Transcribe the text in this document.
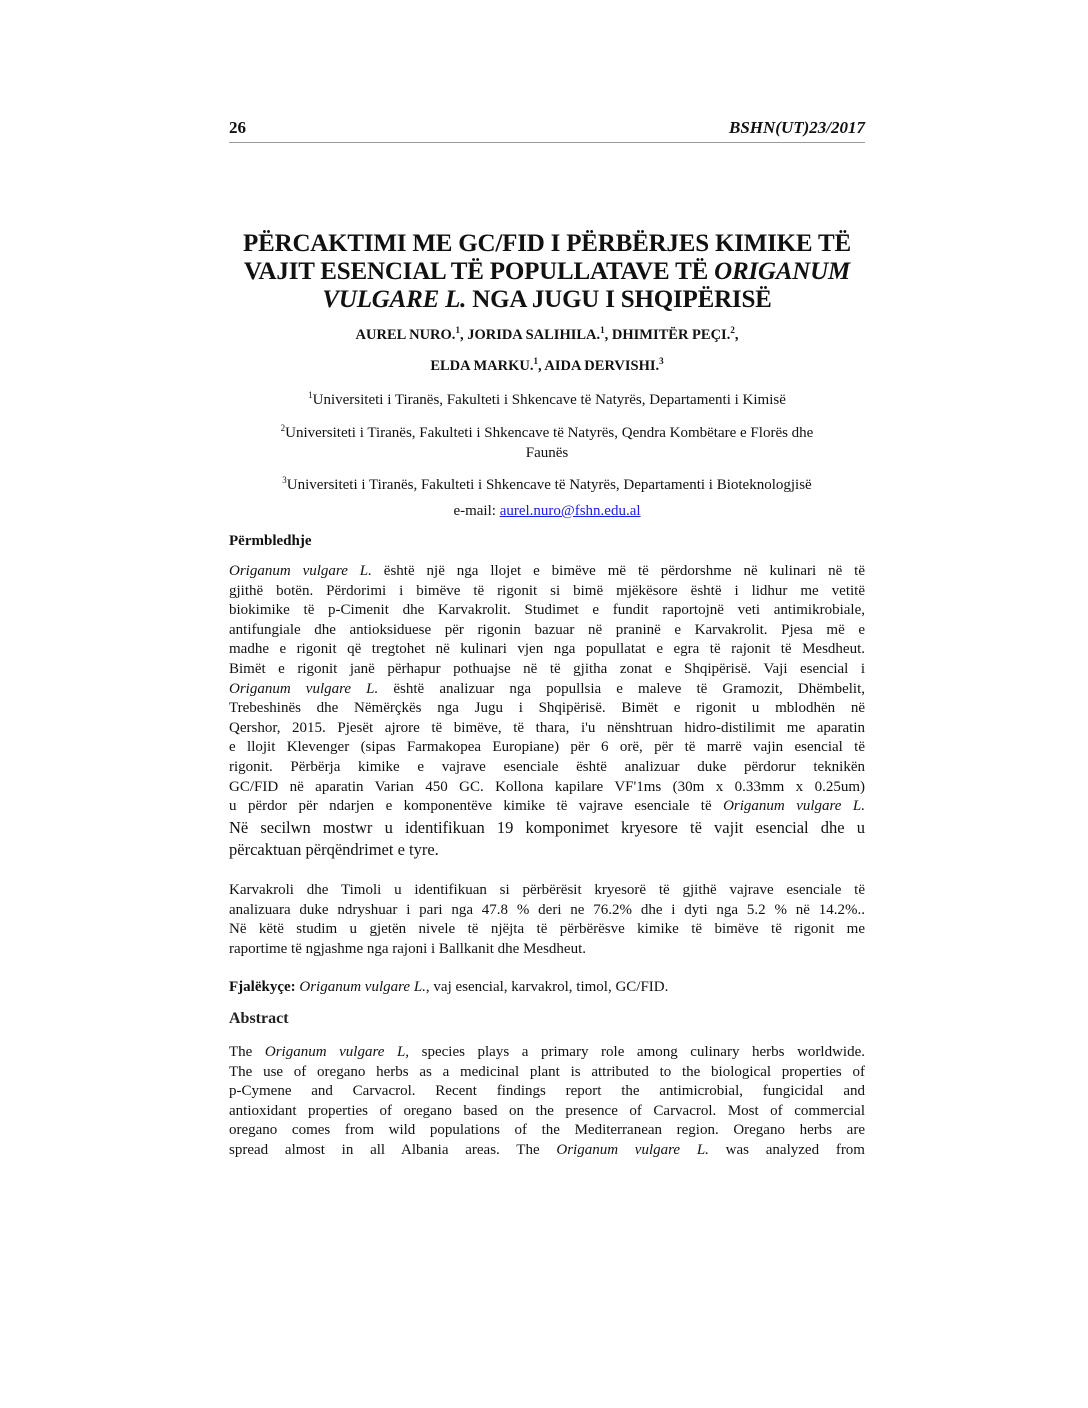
26	BSHN(UT)23/2017
PËRCAKTIMI ME GC/FID I PËRBËRJES KIMIKE TË
VAJIT ESENCIAL TË POPULLATAVE TË ORIGANUM
VULGARE L. NGA JUGU I SHQIPËRISË
AUREL NURO.$^1$, JORIDA SALIHILA.$^1$, DHIMITËR PEÇI.$^2$,
ELDA MARKU.$^1$, AIDA DERVISHI.$^3$
$^1$Universiteti i Tiranës, Fakulteti i Shkencave të Natyrës, Departamenti i Kimisë
$^2$Universiteti i Tiranës, Fakulteti i Shkencave të Natyrës, Qendra Kombëtare e Florës dhe
Faunës
$^3$Universiteti i Tiranës, Fakulteti i Shkencave të Natyrës, Departamenti i Bioteknologjisë
e-mail: aurel.nuro@fshn.edu.al
Përmbledhje
Origanum vulgare L. është një nga llojet e bimëve më të përdorshme në kulinari në të
gjithë botën. Përdorimi i bimëve të rigonit si bimë mjëkësore është i lidhur me vetitë
biokimike të p-Cimenit dhe Karvakrolit. Studimet e fundit raportojnë veti antimikrobiale,
antifungiale dhe antioksiduese për rigonin bazuar në praninë e Karvakrolit. Pjesa më e
madhe e rigonit që tregtohet në kulinari vjen nga popullatat e egra të rajonit të Mesdheut.
Bimët e rigonit janë përhapur pothuajse në të gjitha zonat e Shqipërisë. Vaji esencial i
Origanum vulgare L. është analizuar nga popullsia e maleve të Gramozit, Dhëmbelit,
Trebeshinës dhe Nëmërçkës nga Jugu i Shqipërisë. Bimët e rigonit u mblodhën në
Qershor, 2015. Pjesët ajrore të bimëve, të thara, i'u nënshtruan hidro-distilimit me aparatin
e llojit Klevenger (sipas Farmakopea Europiane) për 6 orë, për të marrë vajin esencial të
rigonit. Përbërja kimike e vajrave esenciale është analizuar duke përdorur teknikën
GC/FID në aparatin Varian 450 GC. Kollona kapilare VF'1ms (30m x 0.33mm x 0.25um)
u përdor për ndarjen e komponentëve kimike të vajrave esenciale të Origanum vulgare L.
Në secilwn mostwr u identifikuan 19 komponimet kryesore të vajit esencial dhe u
përcaktuan përqëndrimet e tyre.
Karvakroli dhe Timoli u identifikuan si përbërësit kryesorë të gjithë vajrave esenciale të
analizuara duke ndryshuar i pari nga 47.8 % deri ne 76.2% dhe i dyti nga 5.2 % në 14.2%..
Në këtë studim u gjetën nivele të njëjta të përbërësve kimike të bimëve të rigonit me
raportime të ngjashme nga rajoni i Ballkanit dhe Mesdheut.
Fjalëkyçe: Origanum vulgare L., vaj esencial, karvakrol, timol, GC/FID.
Abstract
The Origanum vulgare L, species plays a primary role among culinary herbs worldwide.
The use of oregano herbs as a medicinal plant is attributed to the biological properties of
p-Cymene and Carvacrol. Recent findings report the antimicrobial, fungicidal and
antioxidant properties of oregano based on the presence of Carvacrol. Most of commercial
oregano comes from wild populations of the Mediterranean region. Oregano herbs are
spread almost in all Albania areas. The Origanum vulgare L. was analyzed from
